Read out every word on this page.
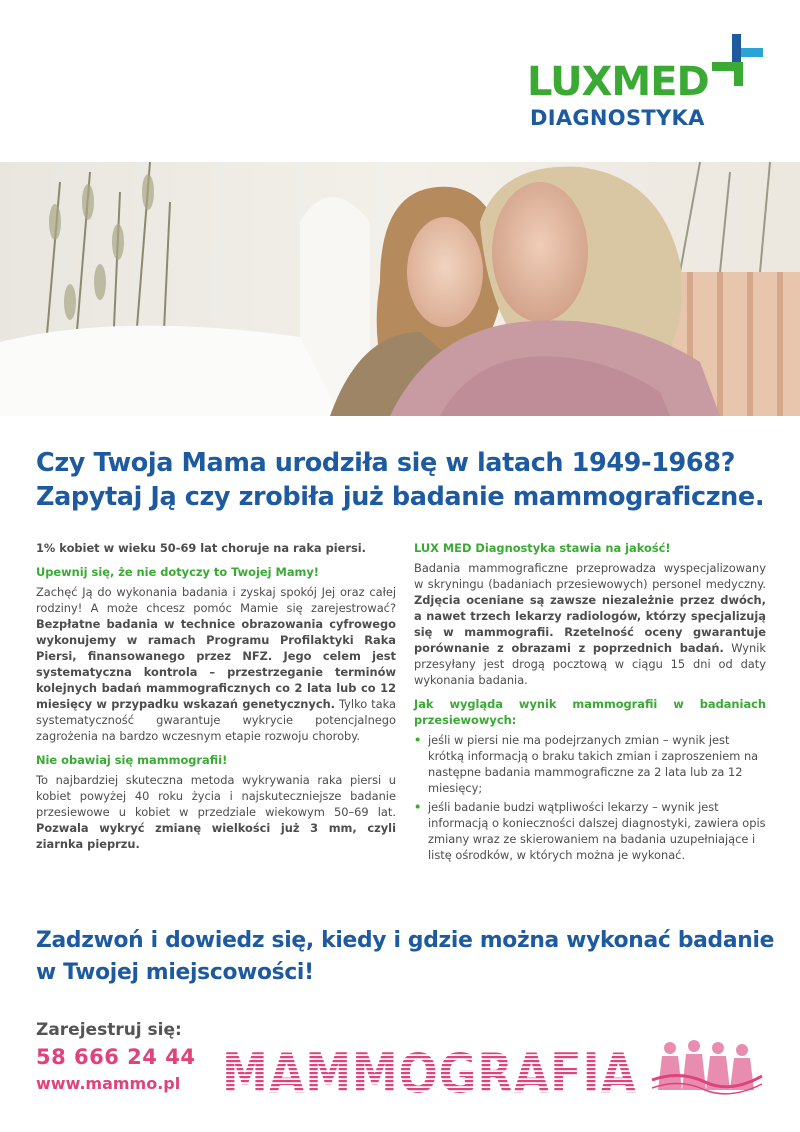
LUXMED
DIAGNOSTYKA
Czy Twoja Mama urodziła się w latach 1949-1968?
Zapytaj Ją czy zrobiła już badanie mammograficzne.

1% kobiet w wieku 50-69 lat choruje na raka piersi.

Upewnij się, że nie dotyczy to Twojej Mamy!

Zachęć Ją do wykonania badania i zyskaj spokój Jej oraz całej rodziny! A może chcesz pomóc Mamie się zarejestrować? Bezpłatne badania w technice obrazowania cyfrowego wykonujemy w ramach Programu Profilaktyki Raka Piersi, finansowanego przez NFZ. Jego celem jest systematyczna kontrola – przestrzeganie terminów kolejnych badań mammograficznych co 2 lata lub co 12 miesięcy w przypadku wskazań genetycznych. Tylko taka systematyczność gwarantuje wykrycie potencjalnego zagrożenia na bardzo wczesnym etapie rozwoju choroby.

Nie obawiaj się mammografii!

To najbardziej skuteczna metoda wykrywania raka piersi u kobiet powyżej 40 roku życia i najskuteczniejsze badanie przesiewowe u kobiet w przedziale wiekowym 50–69 lat. Pozwala wykryć zmianę wielkości już 3 mm, czyli ziarnka pieprzu.

LUX MED Diagnostyka stawia na jakość!

Badania mammograficzne przeprowadza wyspecjalizowany w skryningu (badaniach przesiewowych) personel medyczny. Zdjęcia oceniane są zawsze niezależnie przez dwóch, a nawet trzech lekarzy radiologów, którzy specjalizują się w mammografii. Rzetelność oceny gwarantuje porównanie z obrazami z poprzednich badań. Wynik przesyłany jest drogą pocztową w ciągu 15 dni od daty wykonania badania.

Jak wygląda wynik mammografii w badaniach przesiewowych:

• jeśli w piersi nie ma podejrzanych zmian – wynik jest krótką informacją o braku takich zmian i zaproszeniem na następne badania mammograficzne za 2 lata lub za 12 miesięcy;
• jeśli badanie budzi wątpliwości lekarzy – wynik jest informacją o konieczności dalszej diagnostyki, zawiera opis zmiany wraz ze skierowaniem na badania uzupełniające i listę ośrodków, w których można je wykonać.
Zadzwoń i dowiedz się, kiedy i gdzie można wykonać badanie
w Twojej miejscowości!
Zarejestruj się:
58 666 24 44
www.mammo.pl MAMMOGRAFIA
